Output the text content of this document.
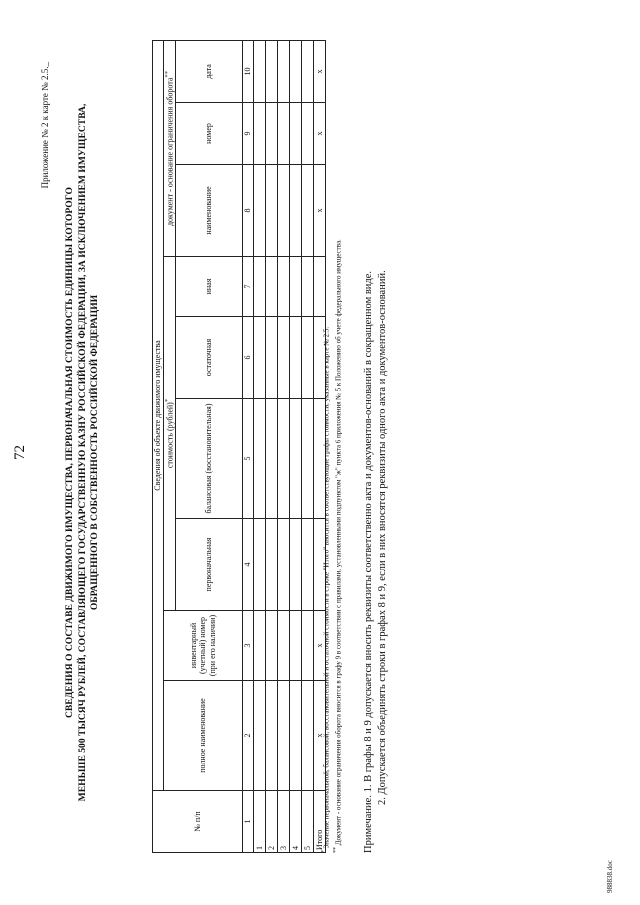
72
Приложение № 2 к карте № 2.5._
СВЕДЕНИЯ О СОСТАВЕ ДВИЖИМОГО ИМУЩЕСТВА, ПЕРВОНАЧАЛЬНАЯ СТОИМОСТЬ ЕДИНИЦЫ КОТОРОГО МЕНЬШЕ 500 ТЫСЯЧ РУБЛЕЙ, СОСТАВЛЯЮЩЕГО ГОСУДАРСТВЕННУЮ КАЗНУ РОССИЙСКОЙ ФЕДЕРАЦИИ, ЗА ИСКЛЮЧЕНИЕМ ИМУЩЕСТВА, ОБРАЩЕННОГО В СОБСТВЕННОСТЬ РОССИЙСКОЙ ФЕДЕРАЦИИ
№ п/п	Сведения об объекте движимого имущества								
	полное наименование	инвентарный (учетный) номер (при его наличии)	стоимость (рублей)*				документ - основание ограничения оборота**
			первоначальная	балансовая (восстановительная)	остаточная	иная	наименование	номер	дата
1	2	3	4	5	6	7	8	9	10
1									
2									
3									
4									
5									
Итого	x	x					x	x	x
* Значение первоначальной, балансовой, восстановительной и остаточной стоимости в строке "Итого" вносится в соответствующие графы стоимости, указанные в карте № 2.5.
** Документ - основание ограничения оборота вносится в графу 9 в соответствии с правилами, установленными подпунктом "ж" пункта 6 приложения № 5 к Положению об учете федерального имущества. Примечание. 1. В графы 8 и 9 допускается вносить реквизиты соответственно акта и документов-оснований в сокращенном виде. 2. Допускается объединять строки в графах 8 и 9, если в них вносятся реквизиты одного акта и документов-оснований.
988838.doc
